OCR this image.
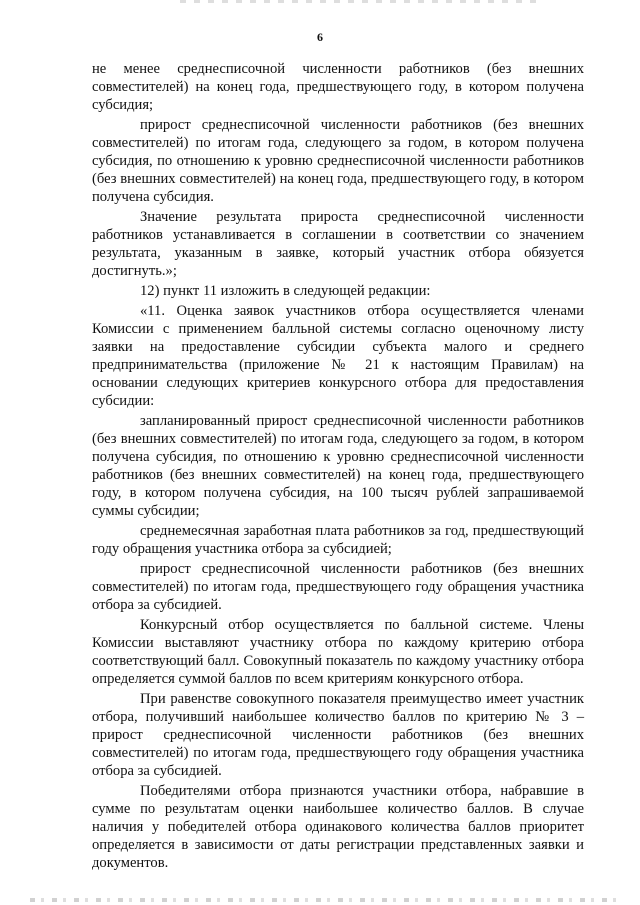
6

не менее среднесписочной численности работников (без внешних совместителей) на конец года, предшествующего году, в котором получена субсидия;

прирост среднесписочной численности работников (без внешних совместителей) по итогам года, следующего за годом, в котором получена субсидия, по отношению к уровню среднесписочной численности работников (без внешних совместителей) на конец года, предшествующего году, в котором получена субсидия.

Значение результата прироста среднесписочной численности работников устанавливается в соглашении в соответствии со значением результата, указанным в заявке, который участник отбора обязуется достигнуть.»;

12) пункт 11 изложить в следующей редакции:

«11. Оценка заявок участников отбора осуществляется членами Комиссии с применением балльной системы согласно оценочному листу заявки на предоставление субсидии субъекта малого и среднего предпринимательства (приложение № 21 к настоящим Правилам) на основании следующих критериев конкурсного отбора для предоставления субсидии:

запланированный прирост среднесписочной численности работников (без внешних совместителей) по итогам года, следующего за годом, в котором получена субсидия, по отношению к уровню среднесписочной численности работников (без внешних совместителей) на конец года, предшествующего году, в котором получена субсидия, на 100 тысяч рублей запрашиваемой суммы субсидии;

среднемесячная заработная плата работников за год, предшествующий году обращения участника отбора за субсидией;

прирост среднесписочной численности работников (без внешних совместителей) по итогам года, предшествующего году обращения участника отбора за субсидией.

Конкурсный отбор осуществляется по балльной системе. Члены Комиссии выставляют участнику отбора по каждому критерию отбора соответствующий балл. Совокупный показатель по каждому участнику отбора определяется суммой баллов по всем критериям конкурсного отбора.

При равенстве совокупного показателя преимущество имеет участник отбора, получивший наибольшее количество баллов по критерию № 3 – прирост среднесписочной численности работников (без внешних совместителей) по итогам года, предшествующего году обращения участника отбора за субсидией.

Победителями отбора признаются участники отбора, набравшие в сумме по результатам оценки наибольшее количество баллов. В случае наличия у победителей отбора одинакового количества баллов приоритет определяется в зависимости от даты регистрации представленных заявки и документов.
